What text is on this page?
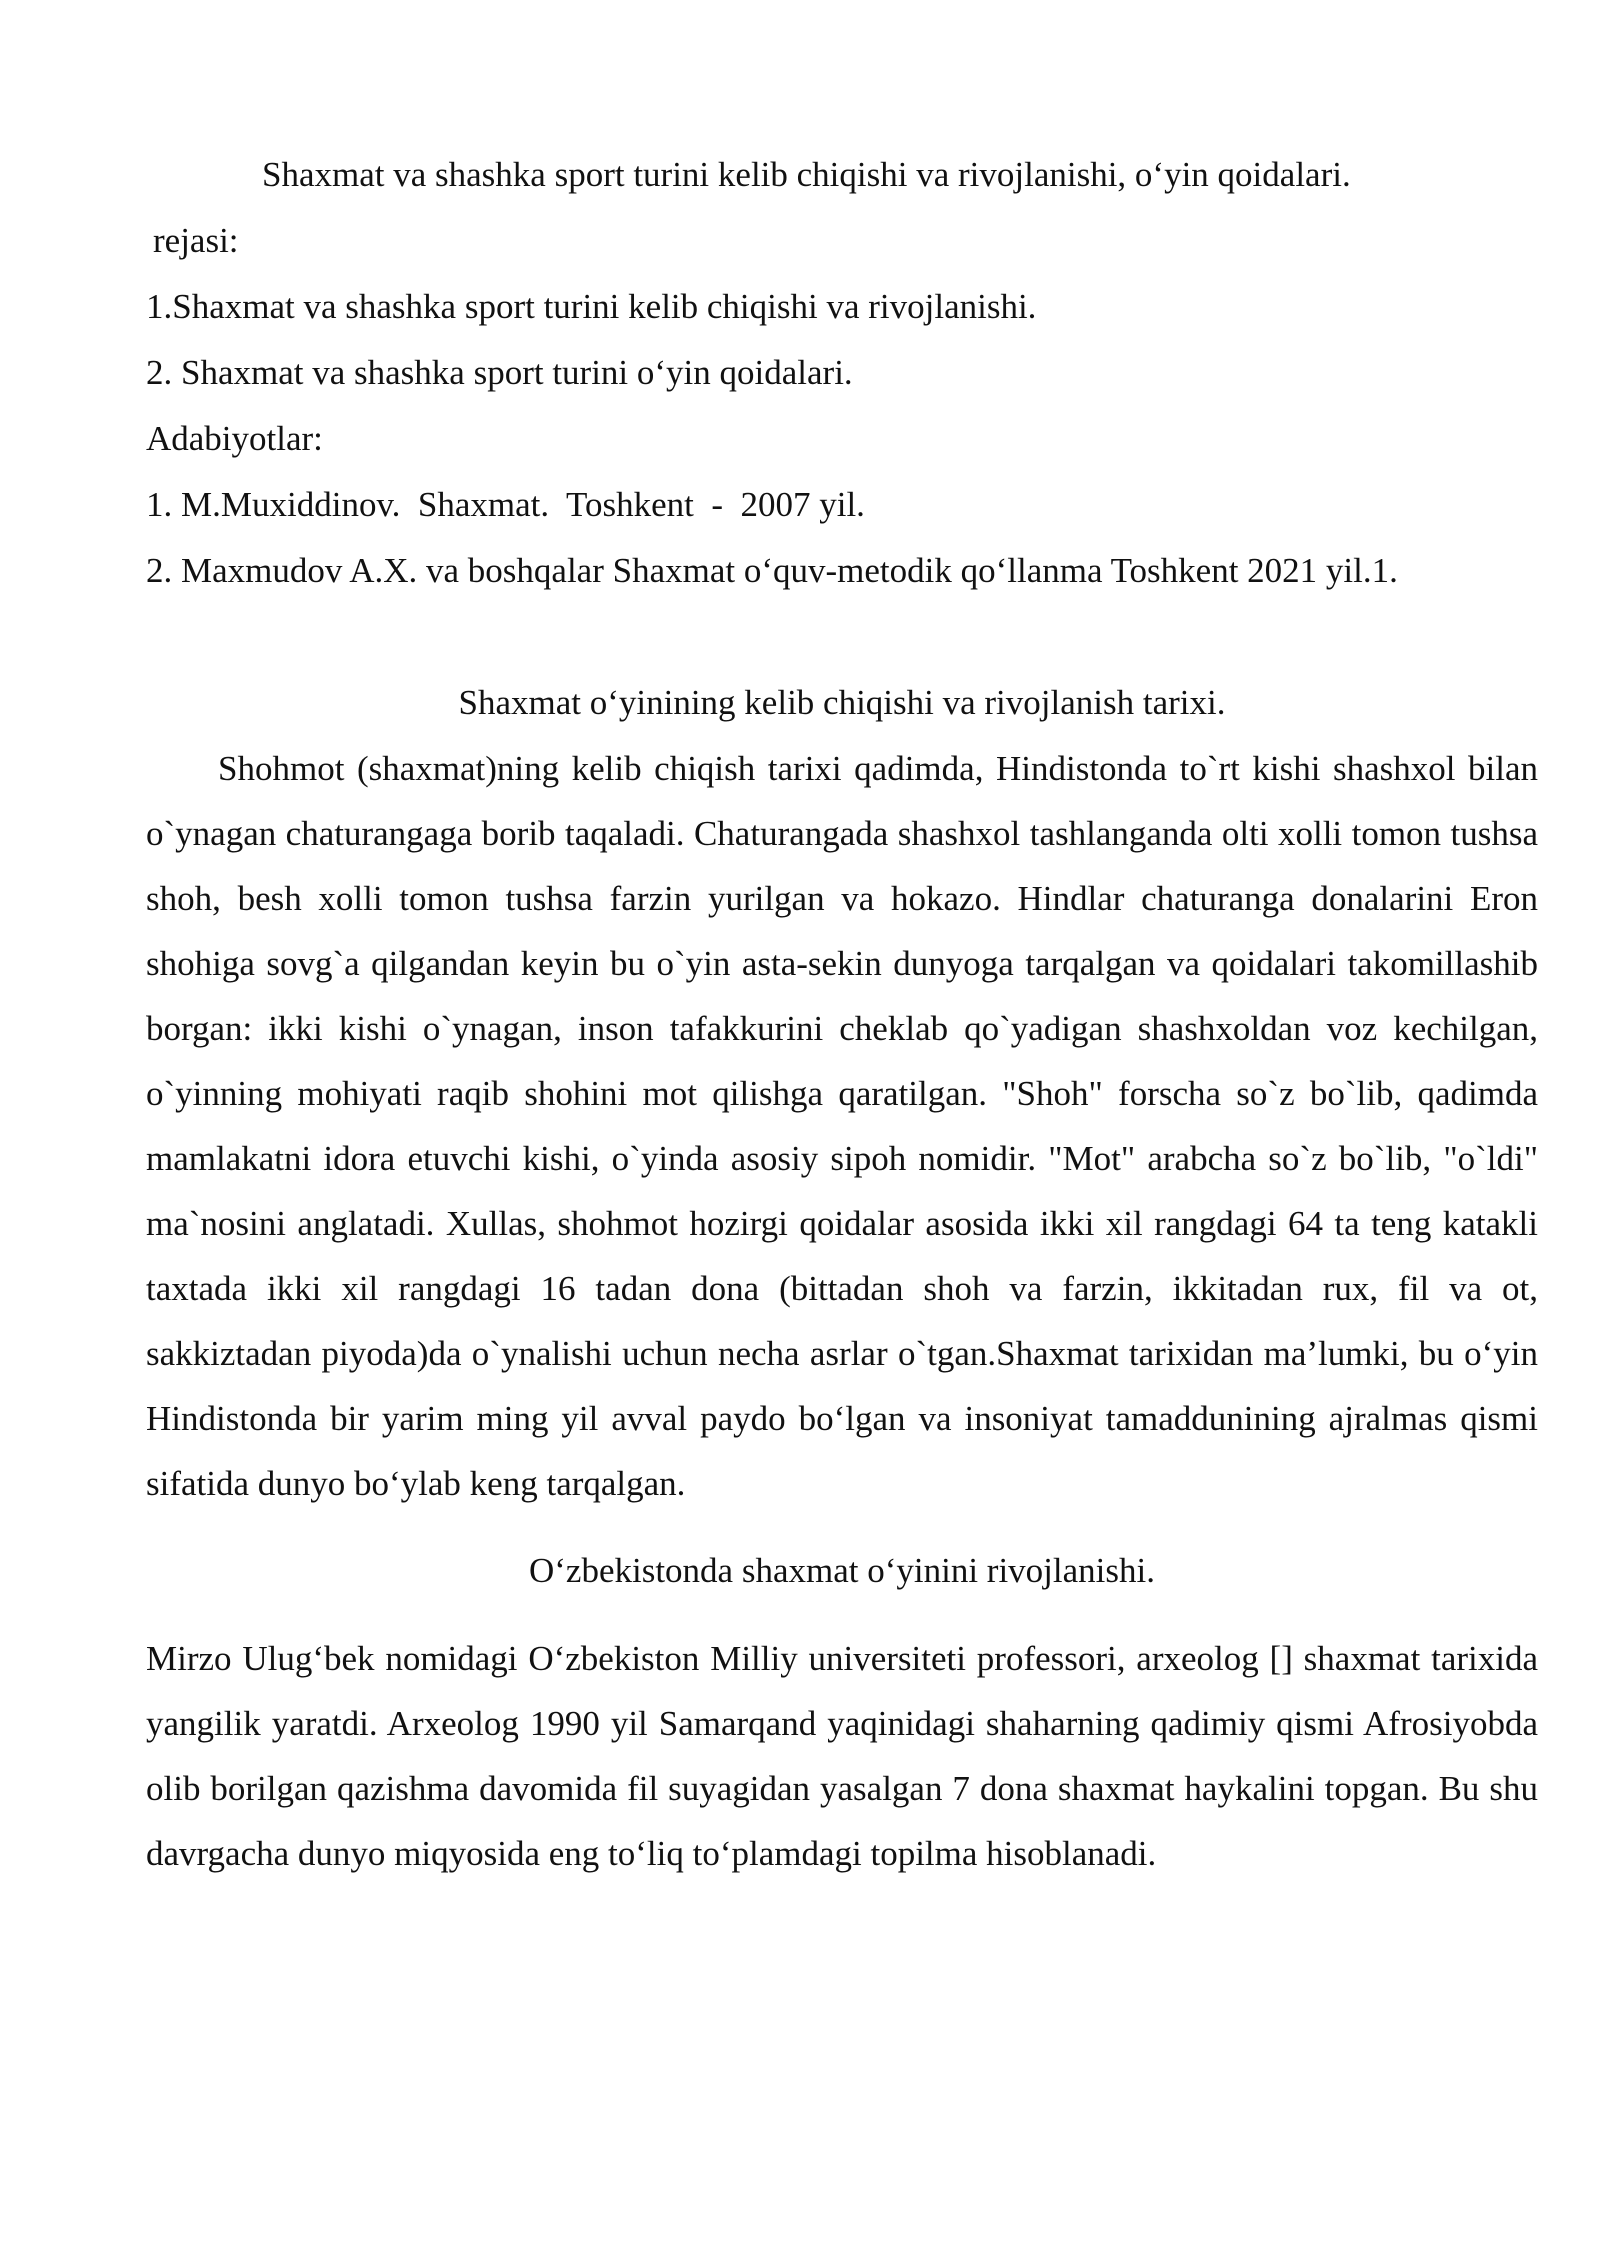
Shaxmat va shashka sport turini kelib chiqishi va rivojlanishi, o‘yin qoidalari.

rejasi:

1.Shaxmat va shashka sport turini kelib chiqishi va rivojlanishi.

2. Shaxmat va shashka sport turini o‘yin qoidalari.

Adabiyotlar:

1. M.Muxiddinov.  Shaxmat.  Toshkent  -  2007 yil.

2. Maxmudov A.X. va boshqalar Shaxmat o‘quv-metodik qo‘llanma Toshkent 2021 yil.1.

Shaxmat o‘yinining kelib chiqishi va rivojlanish tarixi.

Shohmot (shaxmat)ning kelib chiqish tarixi qadimda, Hindistonda to`rt kishi shashxol bilan o`ynagan chaturangaga borib taqaladi. Chaturangada shashxol tashlanganda olti xolli tomon tushsa shoh, besh xolli tomon tushsa farzin yurilgan va hokazo. Hindlar chaturanga donalarini Eron shohiga sovg`a qilgandan keyin bu o`yin asta-sekin dunyoga tarqalgan va qoidalari takomillashib borgan: ikki kishi o`ynagan, inson tafakkurini cheklab qo`yadigan shashxoldan voz kechilgan, o`yinning mohiyati raqib shohini mot qilishga qaratilgan. "Shoh" forscha so`z bo`lib, qadimda mamlakatni idora etuvchi kishi, o`yinda asosiy sipoh nomidir. "Mot" arabcha so`z bo`lib, "o`ldi" ma`nosini anglatadi. Xullas, shohmot hozirgi qoidalar asosida ikki xil rangdagi 64 ta teng katakli taxtada ikki xil rangdagi 16 tadan dona (bittadan shoh va farzin, ikkitadan rux, fil va ot, sakkiztadan piyoda)da o`ynalishi uchun necha asrlar o`tgan.Shaxmat tarixidan ma’lumki, bu o‘yin Hindistonda bir yarim ming yil avval paydo bo‘lgan va insoniyat tamaddunining ajralmas qismi sifatida dunyo bo‘ylab keng tarqalgan.

O‘zbekistonda shaxmat o‘yinini rivojlanishi.

Mirzo Ulug‘bek nomidagi O‘zbekiston Milliy universiteti professori, arxeolog [] shaxmat tarixida yangilik yaratdi. Arxeolog 1990 yil Samarqand yaqinidagi shaharning qadimiy qismi Afrosiyobda olib borilgan qazishma davomida fil suyagidan yasalgan 7 dona shaxmat haykalini topgan. Bu shu davrgacha dunyo miqyosida eng to‘liq to‘plamdagi topilma hisoblanadi.
